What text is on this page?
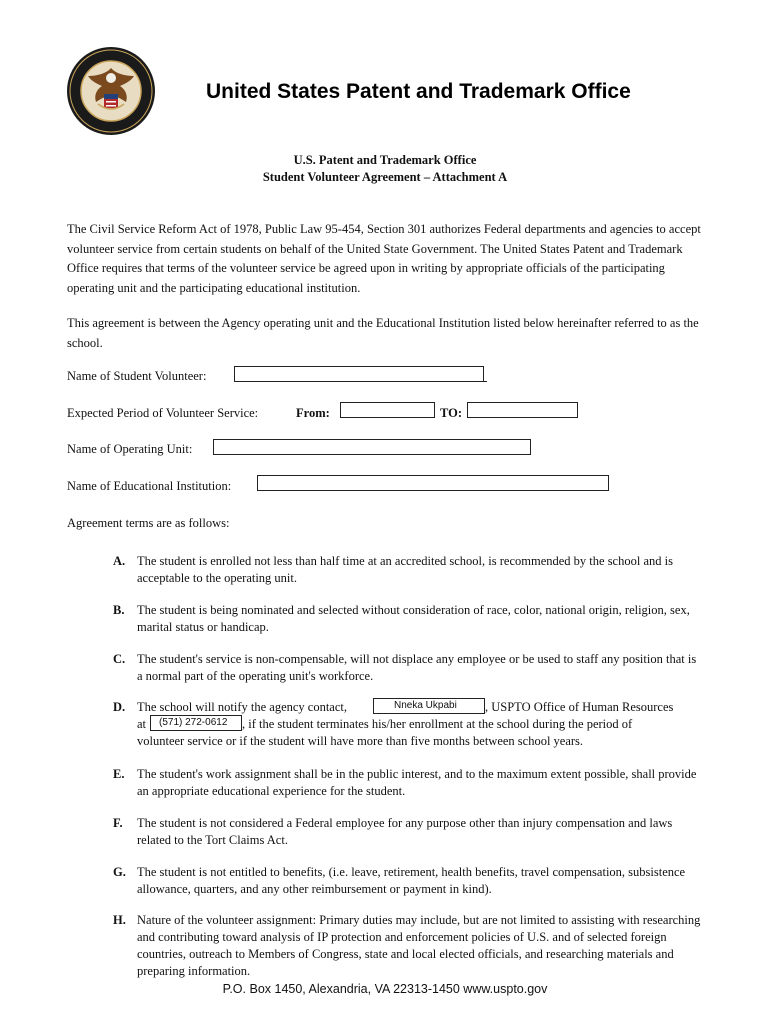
United States Patent and Trademark Office
U.S. Patent and Trademark Office
Student Volunteer Agreement – Attachment A
The Civil Service Reform Act of 1978, Public Law 95-454, Section 301 authorizes Federal departments and agencies to accept volunteer service from certain students on behalf of the United State Government. The United States Patent and Trademark Office requires that terms of the volunteer service be agreed upon in writing by appropriate officials of the participating operating unit and the participating educational institution.
This agreement is between the Agency operating unit and the Educational Institution listed below hereinafter referred to as the school.
Name of Student Volunteer:
Expected Period of Volunteer Service:	From:	TO:
Name of Operating Unit:
Name of Educational Institution:
Agreement terms are as follows:
A. The student is enrolled not less than half time at an accredited school, is recommended by the school and is acceptable to the operating unit.
B. The student is being nominated and selected without consideration of race, color, national origin, religion, sex, marital status or handicap.
C. The student's service is non-compensable, will not displace any employee or be used to staff any position that is a normal part of the operating unit's workforce.
D. The school will notify the agency contact,	Nneka Ukpabi	, USPTO Office of Human Resources
at	(571) 272-0612	, if the student terminates his/her enrollment at the school during the period of
volunteer service or if the student will have more than five months between school years.
E. The student's work assignment shall be in the public interest, and to the maximum extent possible, shall provide an appropriate educational experience for the student.
F. The student is not considered a Federal employee for any purpose other than injury compensation and laws related to the Tort Claims Act.
G. The student is not entitled to benefits, (i.e. leave, retirement, health benefits, travel compensation, subsistence allowance, quarters, and any other reimbursement or payment in kind).
H. Nature of the volunteer assignment: Primary duties may include, but are not limited to assisting with researching and contributing toward analysis of IP protection and enforcement policies of U.S. and of selected foreign countries, outreach to Members of Congress, state and local elected officials, and researching materials and preparing information.
P.O. Box 1450, Alexandria, VA 22313-1450 www.uspto.gov
